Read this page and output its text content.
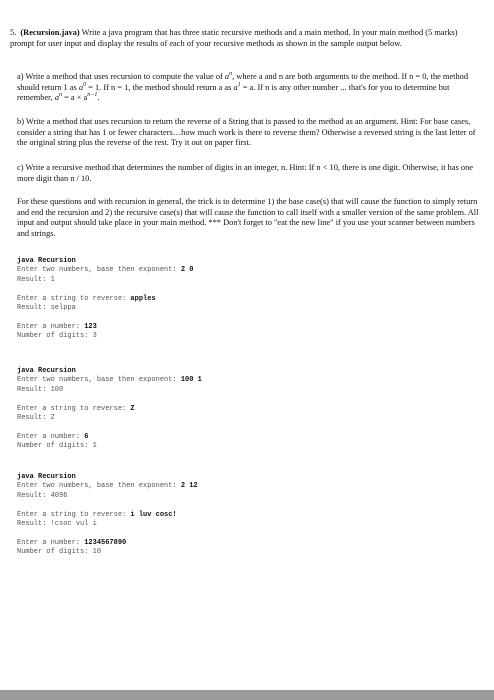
5. (Recursion.java) Write a java program that has three static recursive methods and a main method. In your main method (5 marks) prompt for user input and display the results of each of your recursive methods as shown in the sample output below.

a) Write a method that uses recursion to compute the value of $a^n$, where a and n are both arguments to the method. If n = 0, the method should return 1 as $a^0 = 1$. If n = 1, the method should return a as $a^1 = a$. If n is any other number ... that's for you to determine but remember, $a^n = a \times a^{n-1}$.

b) Write a method that uses recursion to return the reverse of a String that is passed to the method as an argument. Hint: For base cases, consider a string that has 1 or fewer characters…how much work is there to reverse them? Otherwise a reversed string is the last letter of the original string plus the reverse of the rest. Try it out on paper first.

c) Write a recursive method that determines the number of digits in an integer, n. Hint: If n < 10, there is one digit. Otherwise, it has one more digit than n / 10.

For these questions and with recursion in general, the trick is to determine 1) the base case(s) that will cause the function to simply return and end the recursion and 2) the recursive case(s) that will cause the function to call itself with a smaller version of the same problem. All input and output should take place in your main method. *** Don't forget to "eat the new line" if you use your scanner between numbers and strings.

java Recursion
Enter two numbers, base then exponent: 2 0
Result: 1

Enter a string to reverse: apples
Result: selppa

Enter a number: 123
Number of digits: 3
java Recursion
Enter two numbers, base then exponent: 100 1
Result: 100

Enter a string to reverse: Z
Result: Z

Enter a number: 6
Number of digits: 1
java Recursion
Enter two numbers, base then exponent: 2 12
Result: 4096

Enter a string to reverse: i luv cosc!
Result: !csoc vul i

Enter a number: 1234567890
Number of digits: 10
